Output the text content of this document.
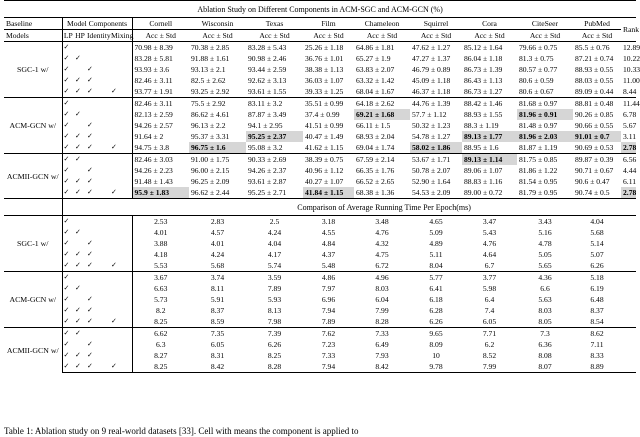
Ablation Study on Different Components in ACM-SGC and ACM-GCN (%)														
Baseline	Model Components				Cornell	Wisconsin	Texas	Film	Chameleon	Squirrel	Cora	CiteSeer	PubMed	Rank
Models	LP	HP	Identity	Mixing	Acc ± Std	Acc ± Std	Acc ± Std	Acc ± Std	Acc ± Std	Acc ± Std	Acc ± Std	Acc ± Std	Acc ± Std	
SGC-1 w/	✓				70.98 ± 8.39	70.38 ± 2.85	83.28 ± 5.43	25.26 ± 1.18	64.86 ± 1.81	47.62 ± 1.27	85.12 ± 1.64	79.66 ± 0.75	85.5 ± 0.76	12.89
	✓	✓			83.28 ± 5.81	91.88 ± 1.61	90.98 ± 2.46	36.76 ± 1.01	65.27 ± 1.9	47.27 ± 1.37	86.04 ± 1.18	81.3 ± 0.75	87.21 ± 0.74	10.22
	✓		✓		93.93 ± 3.6	93.13 ± 2.1	93.44 ± 2.59	38.38 ± 1.13	63.83 ± 2.07	46.79 ± 0.89	86.73 ± 1.39	80.57 ± 0.77	88.93 ± 0.55	10.33
	✓	✓	✓		82.46 ± 3.11	82.5 ± 2.62	92.62 ± 3.13	36.03 ± 1.07	63.32 ± 1.42	45.09 ± 1.18	86.43 ± 1.13	80.6 ± 0.59	88.03 ± 0.55	11.00
	✓	✓	✓	✓	93.77 ± 1.91	93.25 ± 2.92	93.61 ± 1.55	39.33 ± 1.25	68.04 ± 1.67	46.37 ± 1.18	86.73 ± 1.27	80.6 ± 0.67	89.09 ± 0.44	8.44
ACM-GCN w/	✓				82.46 ± 3.11	75.5 ± 2.92	83.11 ± 3.2	35.51 ± 0.99	64.18 ± 2.62	44.76 ± 1.39	88.42 ± 1.46	81.68 ± 0.97	88.81 ± 0.48	11.44
	✓	✓			82.13 ± 2.59	86.62 ± 4.61	87.87 ± 3.49	37.4 ± 0.99	69.21 ± 1.68	57.7 ± 1.12	88.93 ± 1.55	81.96 ± 0.91	90.26 ± 0.85	6.78
	✓		✓		94.26 ± 2.57	96.13 ± 2.2	94.1 ± 2.95	41.51 ± 0.99	66.11 ± 1.5	50.32 ± 1.23	88.3 ± 1.19	81.48 ± 0.97	90.66 ± 0.55	5.67
	✓	✓	✓		91.64 ± 2	95.37 ± 3.31	95.25 ± 2.37	40.47 ± 1.49	68.93 ± 2.04	54.78 ± 1.27	89.13 ± 1.77	81.96 ± 2.03	91.01 ± 0.7	3.11
	✓	✓	✓	✓	94.75 ± 3.8	96.75 ± 1.6	95.08 ± 3.2	41.62 ± 1.15	69.04 ± 1.74	58.02 ± 1.86	88.95 ± 1.6	81.87 ± 1.19	90.69 ± 0.53	2.78
ACMII-GCN w/	✓	✓			82.46 ± 3.03	91.00 ± 1.75	90.33 ± 2.69	38.39 ± 0.75	67.59 ± 2.14	53.67 ± 1.71	89.13 ± 1.14	81.75 ± 0.85	89.87 ± 0.39	6.56
	✓		✓		94.26 ± 2.23	96.00 ± 2.15	94.26 ± 2.37	40.96 ± 1.12	66.35 ± 1.76	50.78 ± 2.07	89.06 ± 1.07	81.86 ± 1.22	90.71 ± 0.67	4.44
	✓	✓	✓		91.48 ± 1.43	96.25 ± 2.09	93.61 ± 2.87	40.27 ± 1.07	66.52 ± 2.65	52.90 ± 1.64	88.83 ± 1.16	81.54 ± 0.95	90.6 ± 0.47	6.11
	✓	✓	✓	✓	95.9 ± 1.83	96.62 ± 2.44	95.25 ± 2.71	41.84 ± 1.15	68.38 ± 1.36	54.53 ± 2.09	89.00 ± 0.72	81.79 ± 0.95	90.74 ± 0.5	2.78
					Comparison of Average Running Time Per Epoch(ms)									
SGC-1 w/	✓				2.53	2.83	2.5	3.18	3.48	4.65	3.47	3.43	4.04	
	✓	✓			4.01	4.57	4.24	4.55	4.76	5.09	5.43	5.16	5.68	
	✓		✓		3.88	4.01	4.04	4.84	4.32	4.89	4.76	4.78	5.14	
	✓	✓	✓		4.18	4.24	4.17	4.37	4.75	5.11	4.64	5.05	5.07	
	✓	✓	✓	✓	5.53	5.68	5.74	5.48	6.72	8.04	6.7	5.65	6.26	
ACM-GCN w/	✓				3.67	3.74	3.59	4.86	4.96	5.77	3.77	4.36	5.18	
	✓	✓			6.63	8.11	7.89	7.97	8.03	6.41	5.98	6.6	6.19	
	✓		✓		5.73	5.91	5.93	6.96	6.04	6.18	6.4	5.63	6.48	
	✓	✓	✓		8.2	8.37	8.13	7.94	7.99	6.28	7.4	8.03	8.37	
	✓	✓	✓	✓	8.25	8.59	7.98	7.89	8.28	6.26	6.05	8.05	8.54	
ACMII-GCN w/	✓	✓			6.62	7.35	7.39	7.62	7.33	9.65	7.71	7.3	8.62	
	✓		✓		6.3	6.05	6.26	7.23	6.49	8.09	6.2	6.36	7.11	
	✓	✓	✓		8.27	8.31	8.25	7.33	7.93	10	8.52	8.08	8.33	
	✓	✓	✓	✓	8.25	8.42	8.28	7.94	8.42	9.78	7.99	8.07	8.89	
Table 1: Ablation study on 9 real-world datasets [33]. Cell with means the component is applied to
